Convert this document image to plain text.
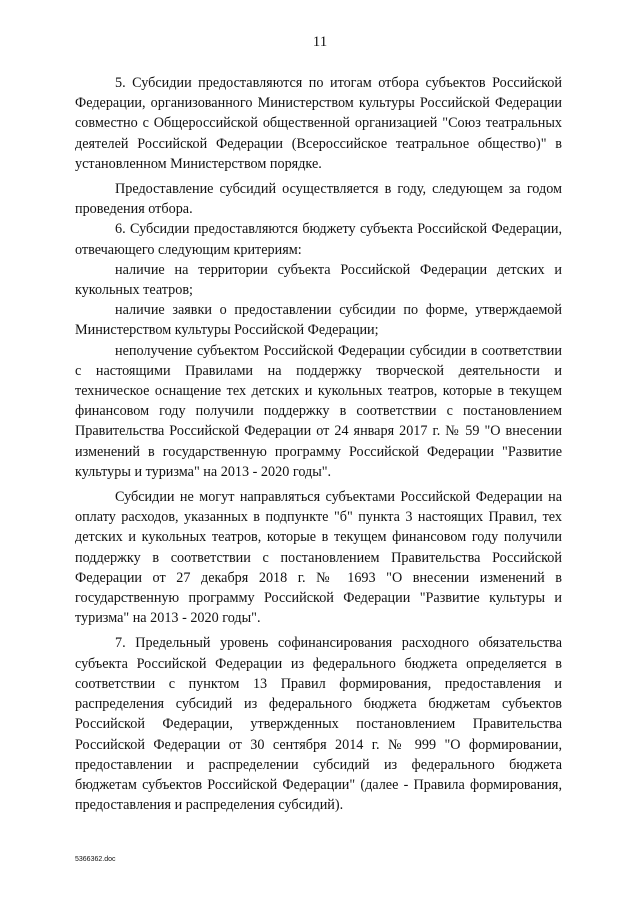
11

5. Субсидии предоставляются по итогам отбора субъектов Российской Федерации, организованного Министерством культуры Российской Федерации совместно с Общероссийской общественной организацией "Союз театральных деятелей Российской Федерации (Всероссийское театральное общество)" в установленном Министерством порядке.

Предоставление субсидий осуществляется в году, следующем за годом проведения отбора.

6. Субсидии предоставляются бюджету субъекта Российской Федерации, отвечающего следующим критериям:

наличие на территории субъекта Российской Федерации детских и кукольных театров;

наличие заявки о предоставлении субсидии по форме, утверждаемой Министерством культуры Российской Федерации;

неполучение субъектом Российской Федерации субсидии в соответствии с настоящими Правилами на поддержку творческой деятельности и техническое оснащение тех детских и кукольных театров, которые в текущем финансовом году получили поддержку в соответствии с постановлением Правительства Российской Федерации от 24 января 2017 г. № 59 "О внесении изменений в государственную программу Российской Федерации "Развитие культуры и туризма" на 2013 - 2020 годы".

Субсидии не могут направляться субъектами Российской Федерации на оплату расходов, указанных в подпункте "б" пункта 3 настоящих Правил, тех детских и кукольных театров, которые в текущем финансовом году получили поддержку в соответствии с постановлением Правительства Российской Федерации от 27 декабря 2018 г. № 1693 "О внесении изменений в государственную программу Российской Федерации "Развитие культуры и туризма" на 2013 - 2020 годы".

7. Предельный уровень софинансирования расходного обязательства субъекта Российской Федерации из федерального бюджета определяется в соответствии с пунктом 13 Правил формирования, предоставления и распределения субсидий из федерального бюджета бюджетам субъектов Российской Федерации, утвержденных постановлением Правительства Российской Федерации от 30 сентября 2014 г. № 999 "О формировании, предоставлении и распределении субсидий из федерального бюджета бюджетам субъектов Российской Федерации" (далее - Правила формирования, предоставления и распределения субсидий).

5366362.doc
